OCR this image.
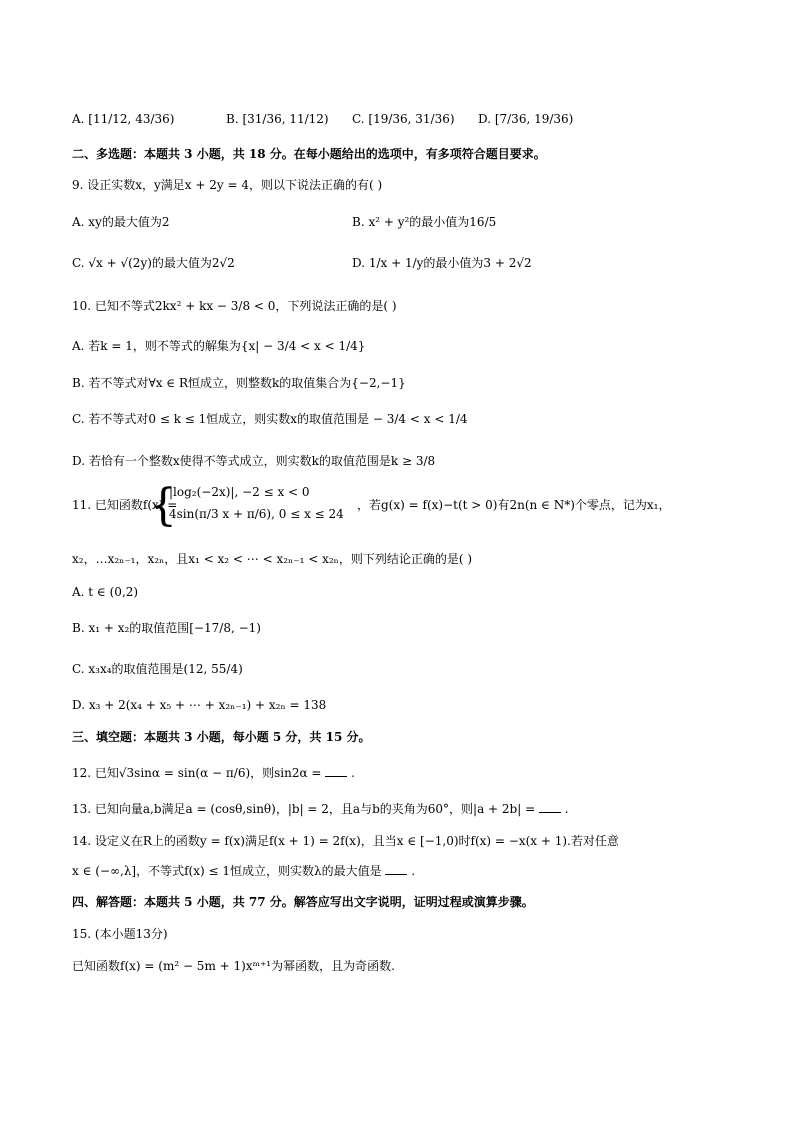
A. [11/12, 43/36)	B. [31/36, 11/12) C. [19/36, 31/36) D. [7/36, 19/36)
二、多选题：本题共 3 小题，共 18 分。在每小题给出的选项中，有多项符合题目要求。
9. 设正实数x，y满足x + 2y = 4，则以下说法正确的有( )
A. xy的最大值为2	B. x² + y²的最小值为16/5
C. √x + √(2y)的最大值为2√2	D. 1/x + 1/y的最小值为3 + 2√2
10. 已知不等式2kx² + kx − 3/8 < 0，下列说法正确的是( )
A. 若k = 1，则不等式的解集为{x| − 3/4 < x < 1/4}
B. 若不等式对∀x ∈ R恒成立，则整数k的取值集合为{−2,−1}
C. 若不等式对0 ≤ k ≤ 1恒成立，则实数x的取值范围是 − 3/4 < x < 1/4
D. 若恰有一个整数x使得不等式成立，则实数k的取值范围是k ≥ 3/8
11. 已知函数f(x) =
{
|log₂(−2x)|, −2 ≤ x < 0
4sin(π/3 x + π/6), 0 ≤ x ≤ 24
，若g(x) = f(x)−t(t > 0)有2n(n ∈ N*)个零点，记为x₁，
x₂，…x₂ₙ₋₁，x₂ₙ，且x₁ < x₂ < ⋯ < x₂ₙ₋₁ < x₂ₙ，则下列结论正确的是( )
A. t ∈ (0,2)
B. x₁ + x₂的取值范围[−17/8, −1)
C. x₃x₄的取值范围是(12, 55/4)
D. x₃ + 2(x₄ + x₅ + ⋯ + x₂ₙ₋₁) + x₂ₙ = 138
三、填空题：本题共 3 小题，每小题 5 分，共 15 分。
12. 已知√3sinα = sin(α − π/6)，则sin2α =  .
13. 已知向量a,b满足a = (cosθ,sinθ)，|b| = 2，且a与b的夹角为60°，则|a + 2b| =  .
14. 设定义在R上的函数y = f(x)满足f(x + 1) = 2f(x)，且当x ∈ [−1,0)时f(x) = −x(x + 1).若对任意
x ∈ (−∞,λ]，不等式f(x) ≤ 1恒成立，则实数λ的最大值是  .
四、解答题：本题共 5 小题，共 77 分。解答应写出文字说明，证明过程或演算步骤。
15. (本小题13分)
已知函数f(x) = (m² − 5m + 1)xᵐ⁺¹为幂函数，且为奇函数.
